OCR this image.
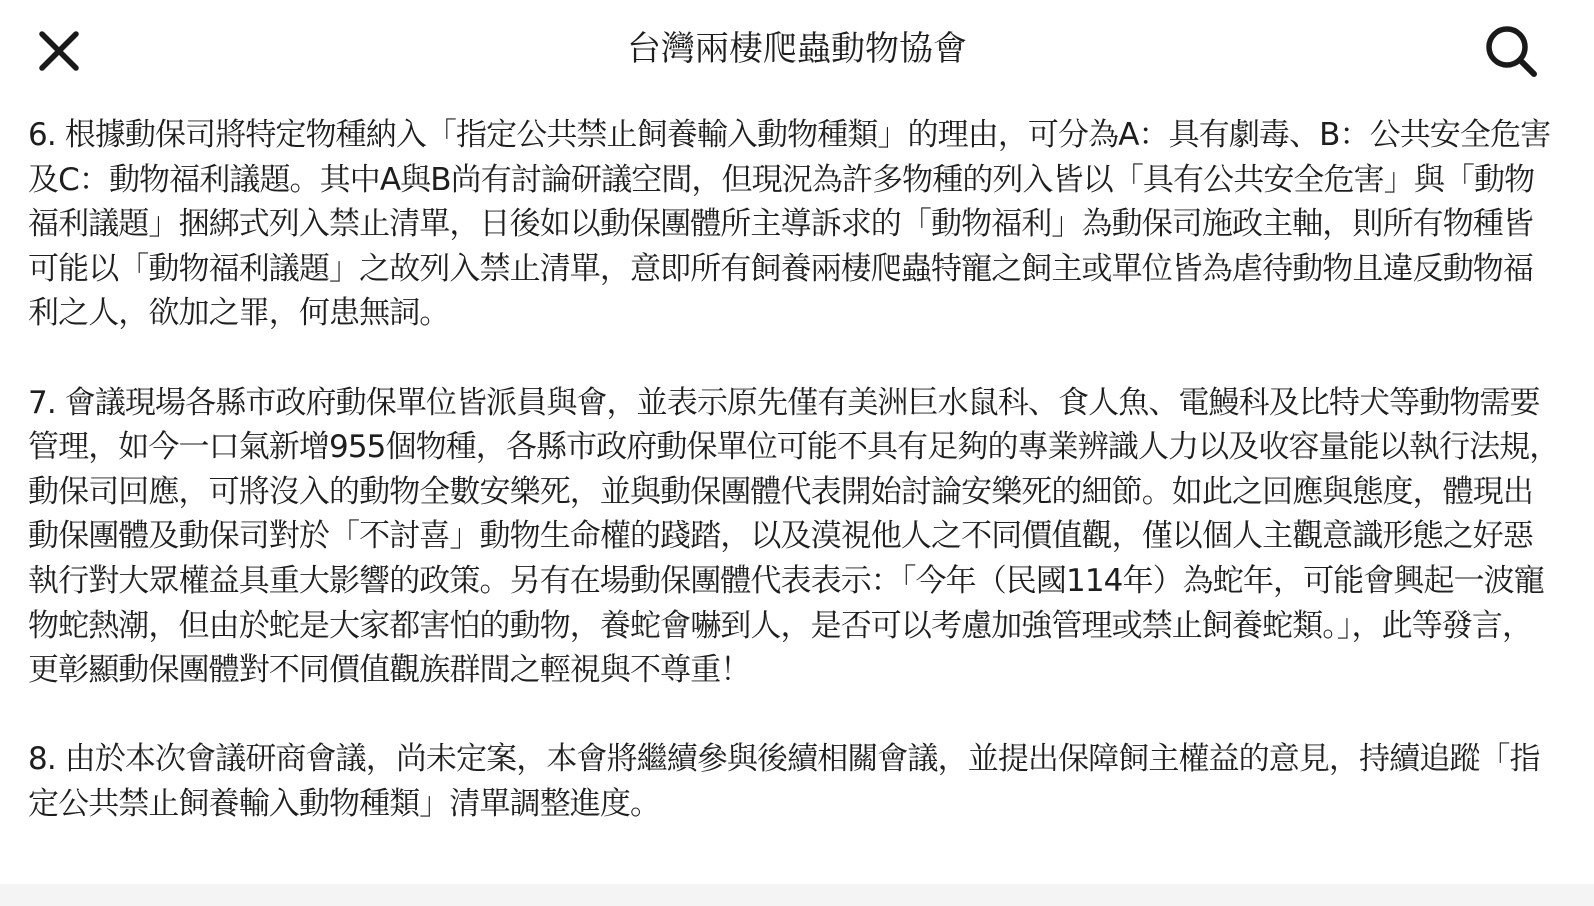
台灣兩棲爬蟲動物協會

6. 根據動保司將特定物種納入「指定公共禁止飼養輸入動物種類」的理由，可分為A：具有劇毒、B：公共安全危害及C：動物福利議題。其中A與B尚有討論研議空間，但現況為許多物種的列入皆以「具有公共安全危害」與「動物福利議題」捆綁式列入禁止清單，日後如以動保團體所主導訴求的「動物福利」為動保司施政主軸，則所有物種皆可能以「動物福利議題」之故列入禁止清單，意即所有飼養兩棲爬蟲特寵之飼主或單位皆為虐待動物且違反動物福利之人，欲加之罪，何患無詞。

7. 會議現場各縣市政府動保單位皆派員與會，並表示原先僅有美洲巨水鼠科、食人魚、電鰻科及比特犬等動物需要管理，如今一口氣新增955個物種，各縣市政府動保單位可能不具有足夠的專業辨識人力以及收容量能以執行法規，動保司回應，可將沒入的動物全數安樂死，並與動保團體代表開始討論安樂死的細節。如此之回應與態度，體現出動保團體及動保司對於「不討喜」動物生命權的踐踏，以及漠視他人之不同價值觀，僅以個人主觀意識形態之好惡執行對大眾權益具重大影響的政策。另有在場動保團體代表表示：「今年（民國114年）為蛇年，可能會興起一波寵物蛇熱潮，但由於蛇是大家都害怕的動物，養蛇會嚇到人，是否可以考慮加強管理或禁止飼養蛇類。」，此等發言，更彰顯動保團體對不同價值觀族群間之輕視與不尊重！

8. 由於本次會議研商會議，尚未定案，本會將繼續參與後續相關會議，並提出保障飼主權益的意見，持續追蹤「指定公共禁止飼養輸入動物種類」清單調整進度。
